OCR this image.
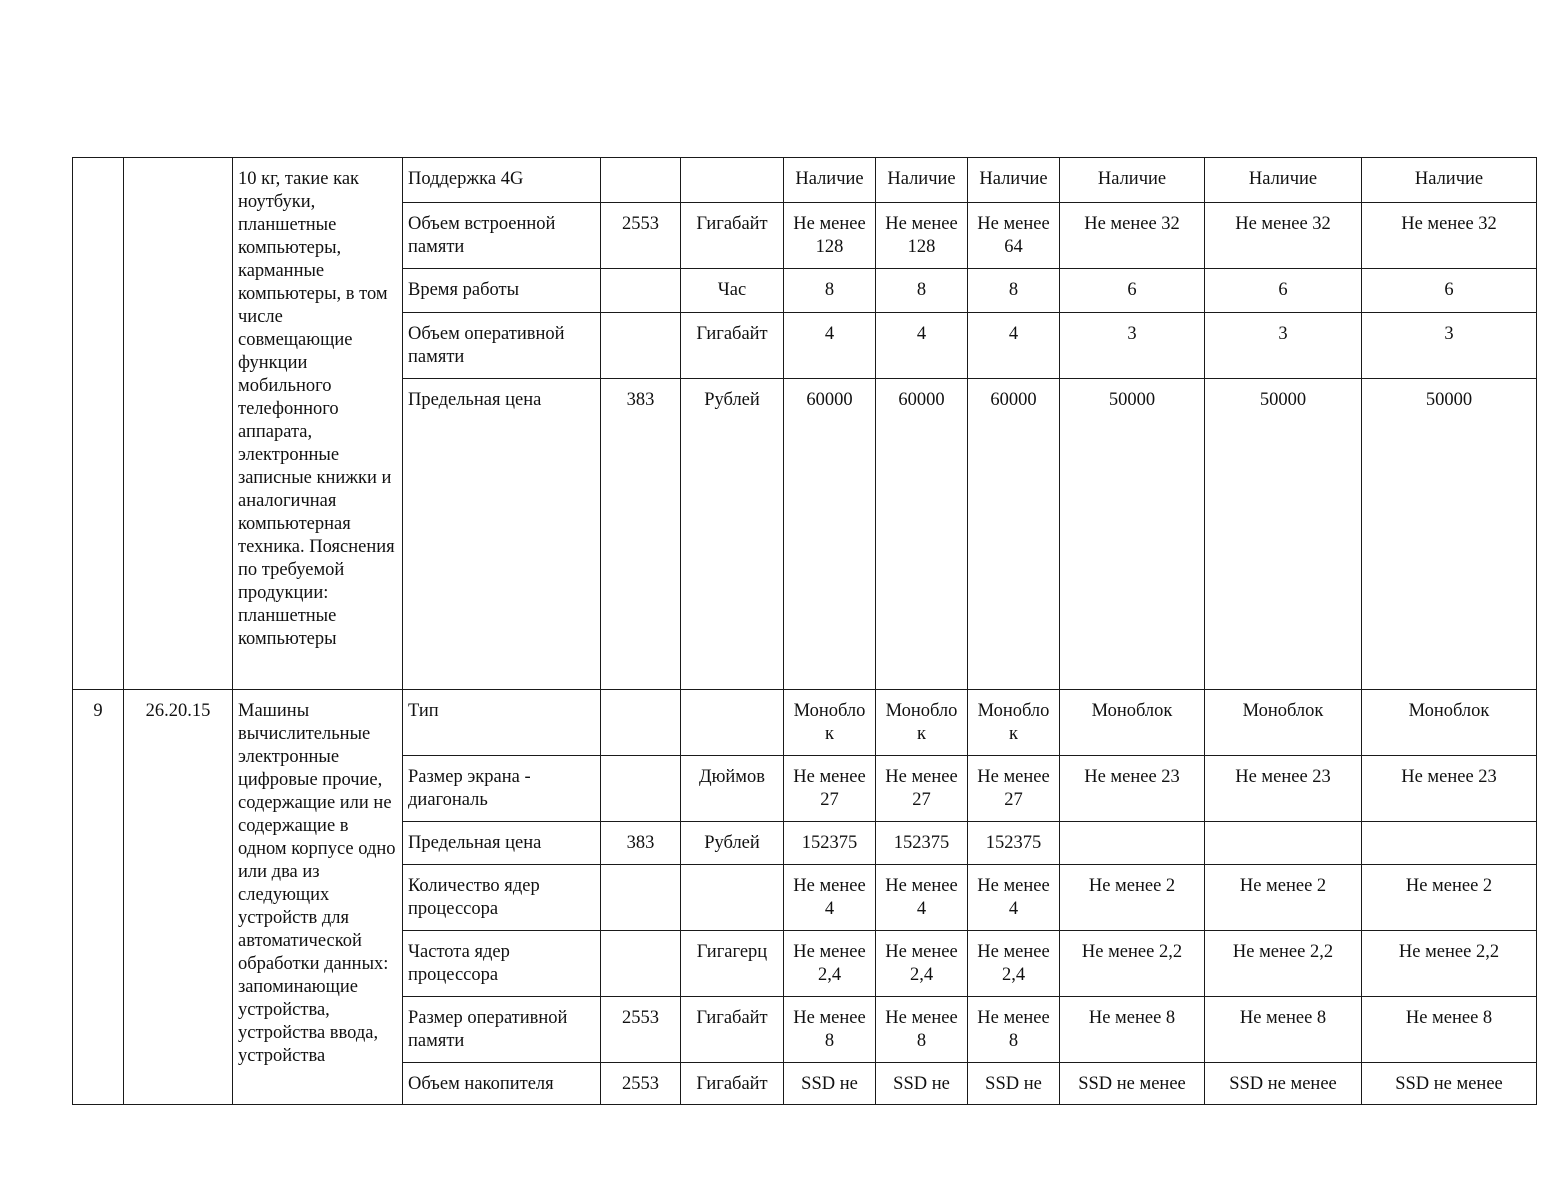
		10 кг, такие как ноутбуки, планшетные компьютеры, карманные компьютеры, в том числе совмещающие функции мобильного телефонного аппарата, электронные записные книжки и аналогичная компьютерная техника. Пояснения по требуемой продукции: планшетные компьютеры	Поддержка 4G			Наличие	Наличие	Наличие	Наличие	Наличие	Наличие
			Объем встроенной памяти	2553	Гигабайт	Не менее 128	Не менее 128	Не менее 64	Не менее 32	Не менее 32	Не менее 32
			Время работы		Час	8	8	8	6	6	6
			Объем оперативной памяти		Гигабайт	4	4	4	3	3	3
			Предельная цена	383	Рублей	60000	60000	60000	50000	50000	50000
9	26.20.15	Машины вычислительные электронные цифровые прочие, содержащие или не содержащие в одном корпусе одно или два из следующих устройств для автоматической обработки данных: запоминающие устройства, устройства ввода, устройства	Тип			Монобло к	Монобло к	Монобло к	Моноблок	Моноблок	Моноблок
			Размер экрана - диагональ		Дюймов	Не менее 27	Не менее 27	Не менее 27	Не менее 23	Не менее 23	Не менее 23
			Предельная цена	383	Рублей	152375	152375	152375			
			Количество ядер процессора			Не менее 4	Не менее 4	Не менее 4	Не менее 2	Не менее 2	Не менее 2
			Частота ядер процессора		Гигагерц	Не менее 2,4	Не менее 2,4	Не менее 2,4	Не менее 2,2	Не менее 2,2	Не менее 2,2
			Размер оперативной памяти	2553	Гигабайт	Не менее 8	Не менее 8	Не менее 8	Не менее 8	Не менее 8	Не менее 8
			Объем накопителя	2553	Гигабайт	SSD не	SSD не	SSD не	SSD не менее	SSD не менее	SSD не менее
